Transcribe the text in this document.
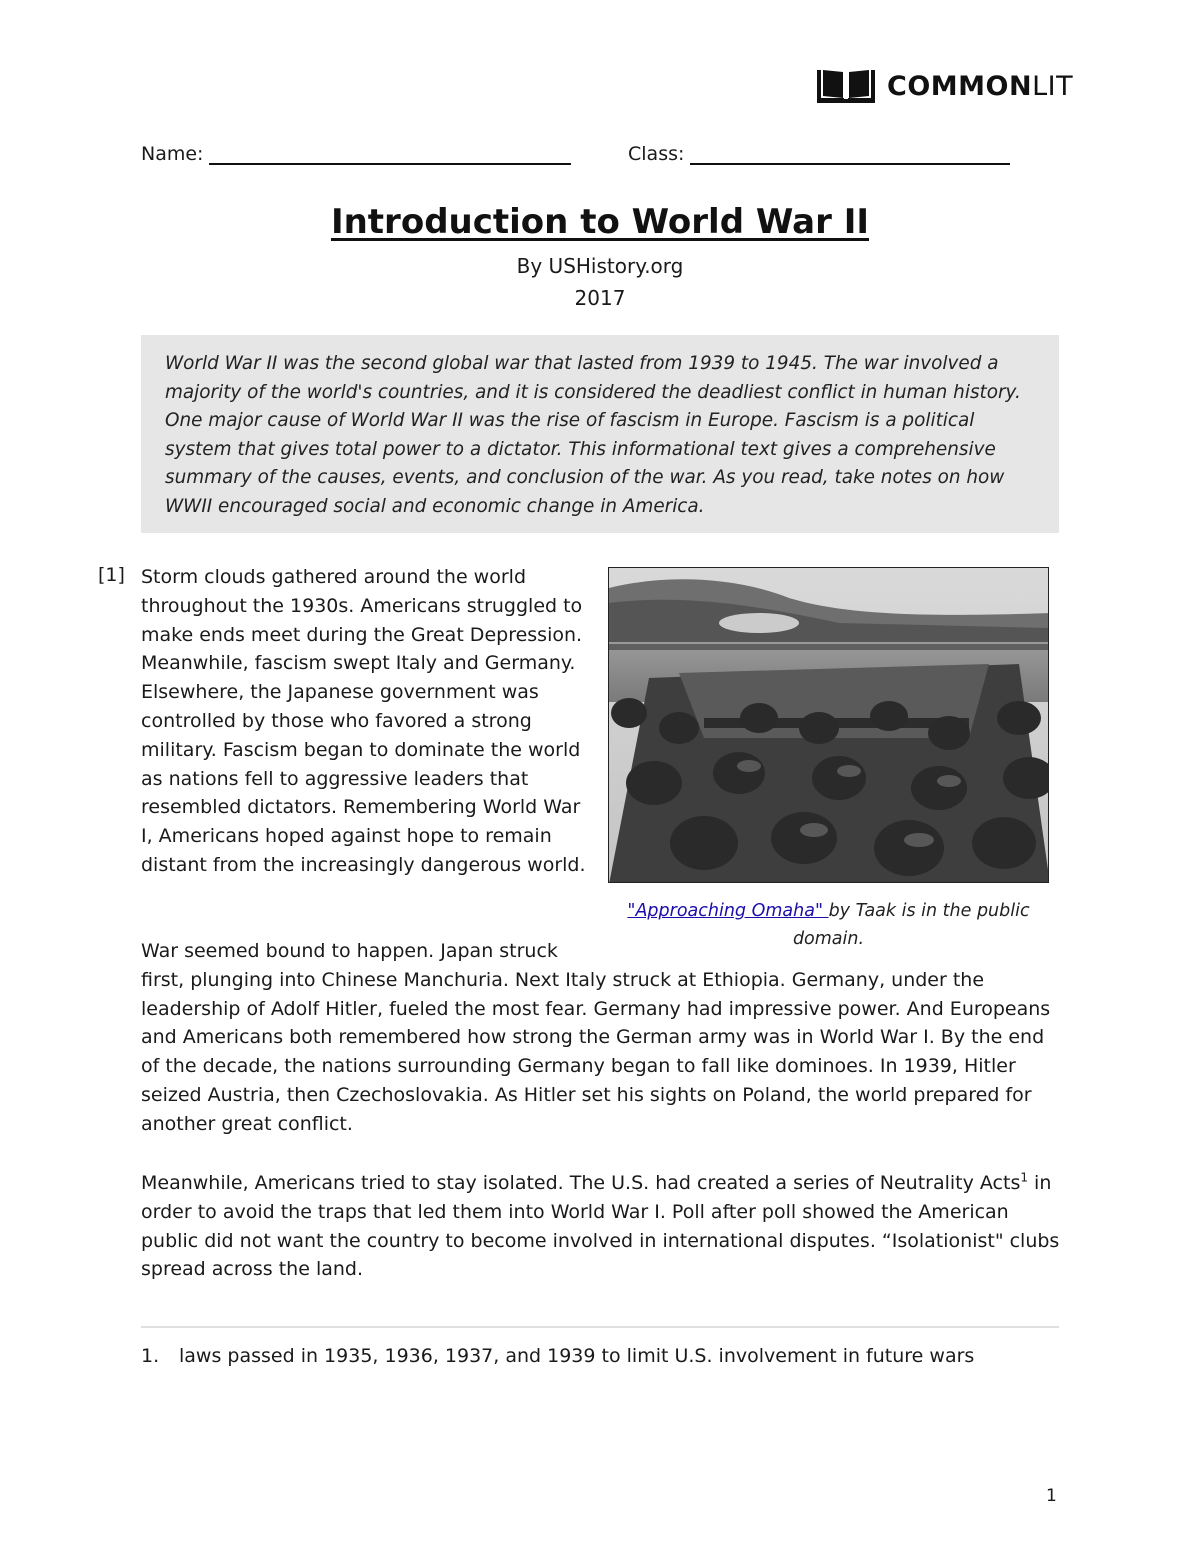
COMMONLIT
Name:	Class:
Introduction to World War II
By USHistory.org
2017
World War II was the second global war that lasted from 1939 to 1945. The war involved a majority of the world's countries, and it is considered the deadliest conflict in human history. One major cause of World War II was the rise of fascism in Europe. Fascism is a political system that gives total power to a dictator. This informational text gives a comprehensive summary of the causes, events, and conclusion of the war. As you read, take notes on how WWII encouraged social and economic change in America.
[1] Storm clouds gathered around the world throughout the 1930s. Americans struggled to make ends meet during the Great Depression. Meanwhile, fascism swept Italy and Germany. Elsewhere, the Japanese government was controlled by those who favored a strong military. Fascism began to dominate the world as nations fell to aggressive leaders that resembled dictators. Remembering World War I, Americans hoped against hope to remain distant from the increasingly dangerous world.
"Approaching Omaha" by Taak is in the public domain.
War seemed bound to happen. Japan struck
first, plunging into Chinese Manchuria. Next Italy struck at Ethiopia. Germany, under the leadership of Adolf Hitler, fueled the most fear. Germany had impressive power. And Europeans and Americans both remembered how strong the German army was in World War I. By the end of the decade, the nations surrounding Germany began to fall like dominoes. In 1939, Hitler seized Austria, then Czechoslovakia. As Hitler set his sights on Poland, the world prepared for another great conflict.
Meanwhile, Americans tried to stay isolated. The U.S. had created a series of Neutrality Acts$^1$ in order to avoid the traps that led them into World War I. Poll after poll showed the American public did not want the country to become involved in international disputes. “Isolationist" clubs spread across the land.
1.	laws passed in 1935, 1936, 1937, and 1939 to limit U.S. involvement in future wars
1
